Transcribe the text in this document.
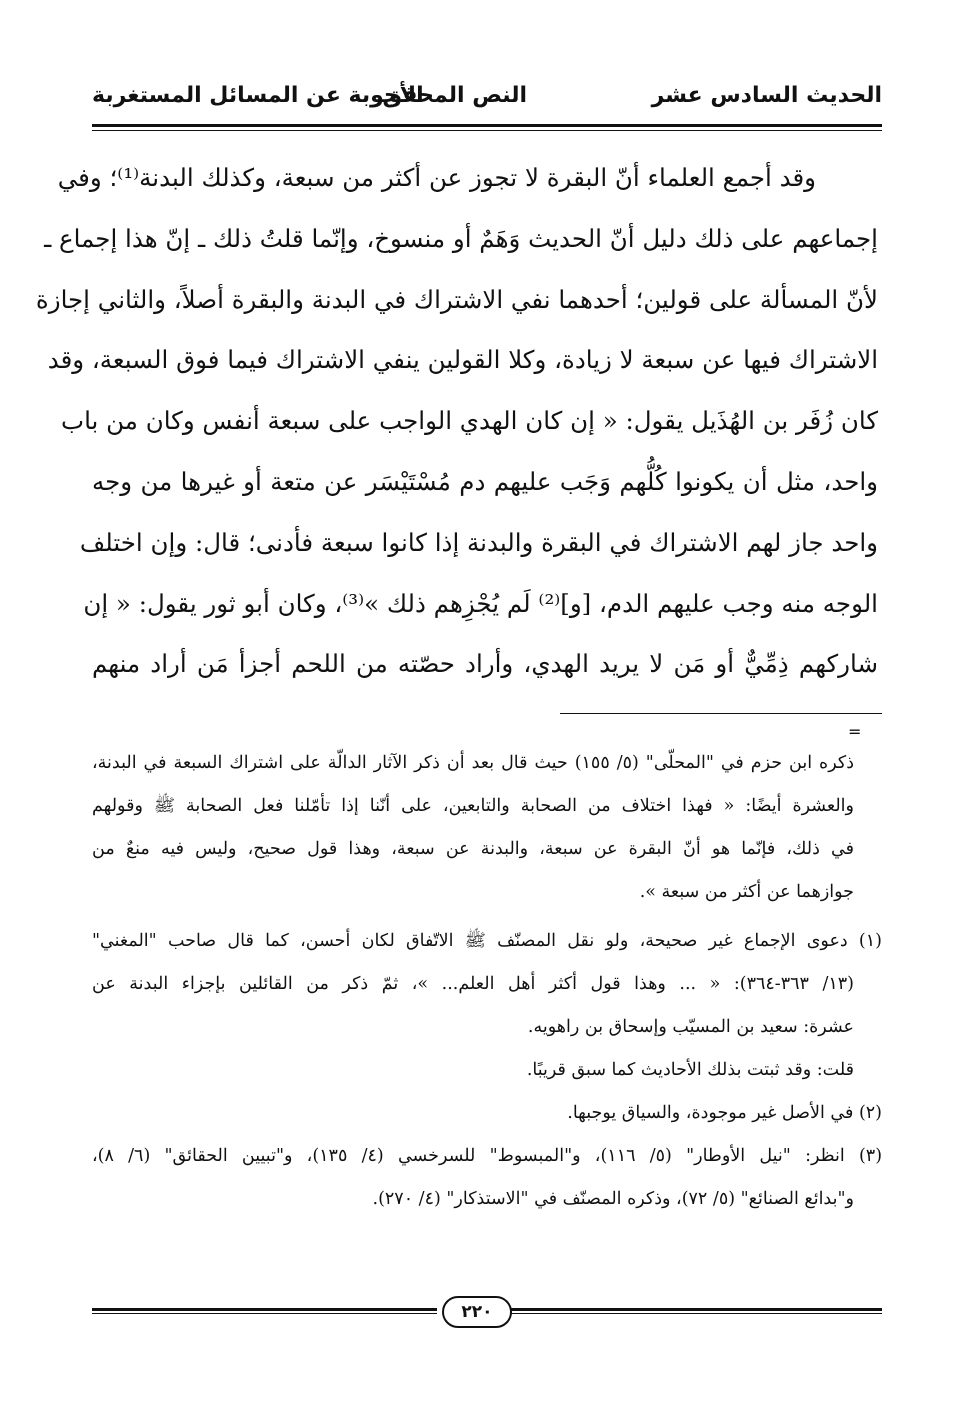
الحديث السادس عشر
النص المحقق
الأجوبة عن المسائل المستغربة

وقد أجمع العلماء أنّ البقرة لا تجوز عن أكثر من سبعة، وكذلك البدنة⁽¹⁾؛ وفي

إجماعهم على ذلك دليل أنّ الحديث وَهَمٌ أو منسوخ، وإنّما قلتُ ذلك ـ إنّ هذا إجماع ـ

لأنّ المسألة على قولين؛ أحدهما نفي الاشتراك في البدنة والبقرة أصلاً، والثاني إجازة

الاشتراك فيها عن سبعة لا زيادة، وكلا القولين ينفي الاشتراك فيما فوق السبعة، وقد

كان زُفَر بن الهُذَيل يقول: « إن كان الهدي الواجب على سبعة أنفس وكان من باب

واحد، مثل أن يكونوا كُلُّهم وَجَب عليهم دم مُسْتَيْسَر عن متعة أو غيرها من وجه

واحد جاز لهم الاشتراك في البقرة والبدنة إذا كانوا سبعة فأدنى؛ قال: وإن اختلف

الوجه منه وجب عليهم الدم، [و]⁽²⁾ لَم يُجْزِهم ذلك »⁽³⁾، وكان أبو ثور يقول: « إن

شاركهم ذِمِّيٌّ أو مَن لا يريد الهدي، وأراد حصّته من اللحم أجزأ مَن أراد منهم

=

ذكره ابن حزم في "المحلّى" (٥/ ١٥٥) حيث قال بعد أن ذكر الآثار الدالّة على اشتراك السبعة في البدنة،

والعشرة أيضًا: « فهذا اختلاف من الصحابة والتابعين، على أنّنا إذا تأمّلنا فعل الصحابة ﷺ وقولهم

في ذلك، فإنّما هو أنّ البقرة عن سبعة، والبدنة عن سبعة، وهذا قول صحيح، وليس فيه منعٌ من

جوازهما عن أكثر من سبعة ».

(١) دعوى الإجماع غير صحيحة، ولو نقل المصنّف ﷺ الاتّفاق لكان أحسن، كما قال صاحب "المغني"

(١٣/ ٣٦٣-٣٦٤): « ... وهذا قول أكثر أهل العلم... »، ثمّ ذكر من القائلين بإجزاء البدنة عن

عشرة: سعيد بن المسيّب وإسحاق بن راهويه.

قلت: وقد ثبتت بذلك الأحاديث كما سبق قريبًا.

(٢) في الأصل غير موجودة، والسياق يوجبها.

(٣) انظر: "نيل الأوطار" (٥/ ١١٦)، و"المبسوط" للسرخسي (٤/ ١٣٥)، و"تبيين الحقائق" (٦/ ٨)،

و"بدائع الصنائع" (٥/ ٧٢)، وذكره المصنّف في "الاستذكار" (٤/ ٢٧٠).

٢٢٠
